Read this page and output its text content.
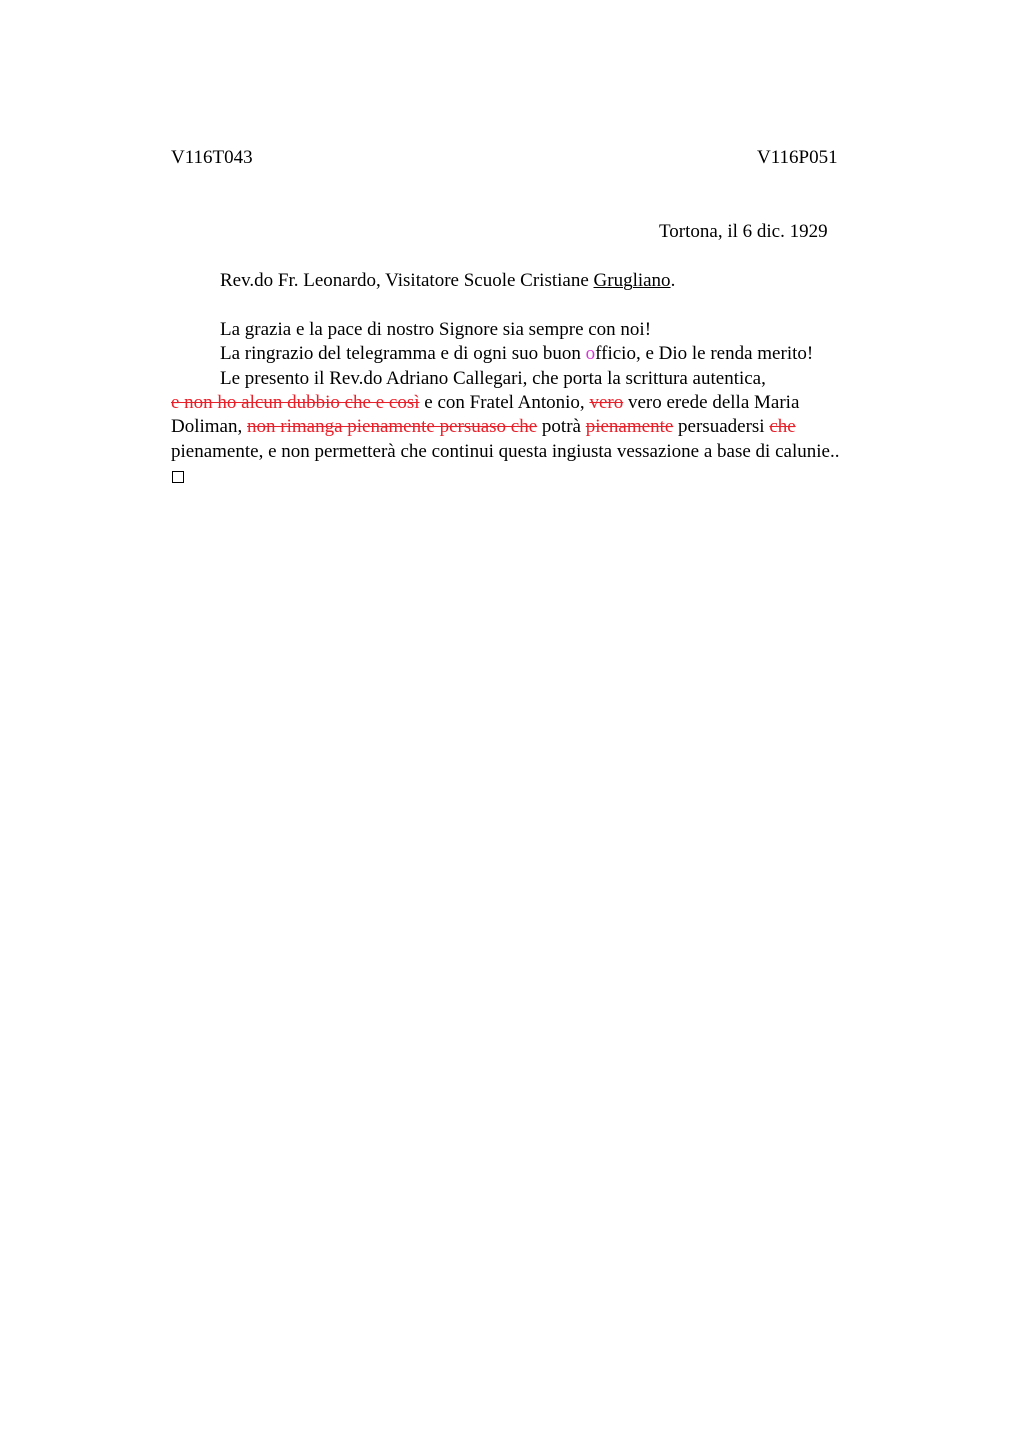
V116T043	V116P051
Tortona, il 6 dic. 1929
Rev.do Fr. Leonardo, Visitatore Scuole Cristiane Grugliano.
La grazia e la pace di nostro Signore sia sempre con noi!
La ringrazio del telegramma e di ogni suo buon officio, e Dio le renda merito!
Le presento il Rev.do Adriano Callegari, che porta la scrittura autentica,
e non ho alcun dubbio che e così e con Fratel Antonio, vero vero erede della Maria
Doliman, non rimanga pienamente persuaso che potrà pienamente persuadersi che
pienamente, e non permetterà che continui questa ingiusta vessazione a base di calunie..
